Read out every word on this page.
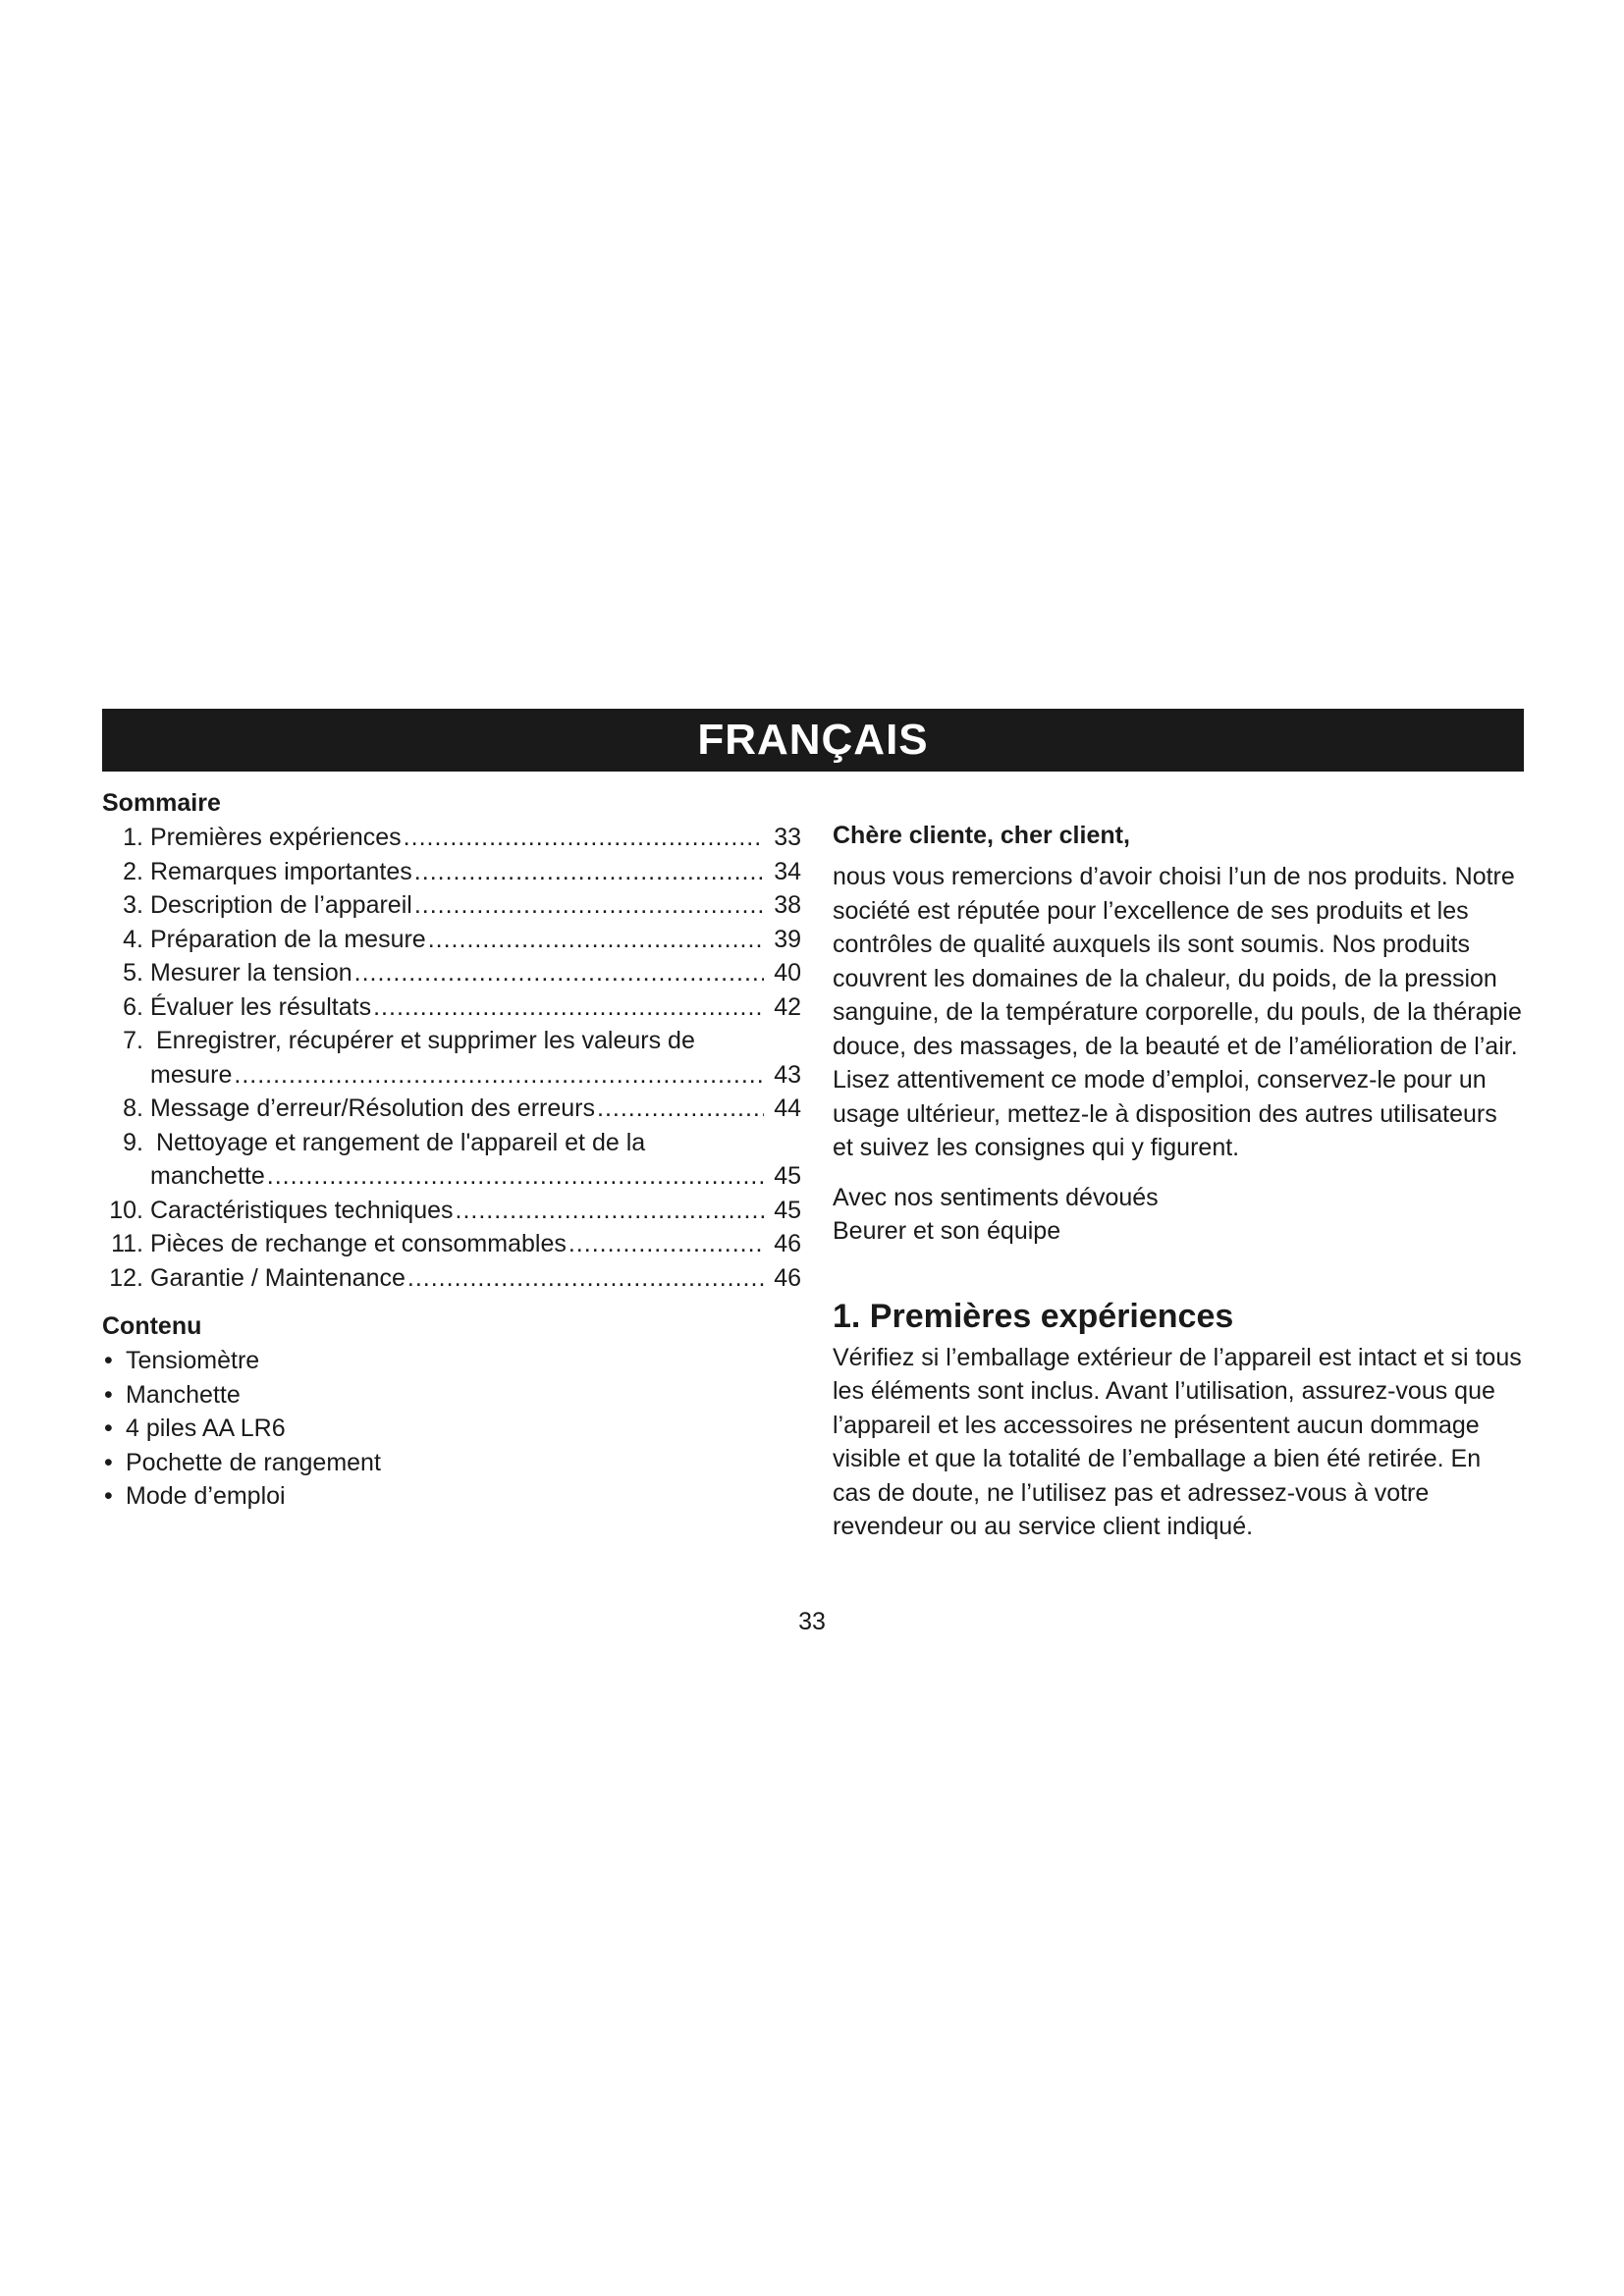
FRANÇAIS
Sommaire
1. Premières expériences .....	33
2. Remarques importantes .....	34
3. Description de l’appareil .....	38
4. Préparation de la mesure .....	39
5. Mesurer la tension .....	40
6. Évaluer les résultats .....	42
7. Enregistrer, récupérer et supprimer les valeurs de
mesure .....	43
8. Message d’erreur/Résolution des erreurs .....	44
9. Nettoyage et rangement de l'appareil et de la
manchette .....	45
10. Caractéristiques techniques .....	45
11. Pièces de rechange et consommables .....	46
12. Garantie / Maintenance .....	46
Contenu
• Tensiomètre
• Manchette
• 4 piles AA LR6
• Pochette de rangement
• Mode d’emploi
Chère cliente, cher client,

nous vous remercions d’avoir choisi l’un de nos produits. Notre société est réputée pour l’excellence de ses produits et les contrôles de qualité auxquels ils sont soumis. Nos produits couvrent les domaines de la chaleur, du poids, de la pression sanguine, de la température corporelle, du pouls, de la thérapie douce, des massages, de la beauté et de l’amélioration de l’air. Lisez attentivement ce mode d’emploi, conservez-le pour un usage ultérieur, mettez-le à disposition des autres utilisateurs et suivez les consignes qui y figurent.

Avec nos sentiments dévoués

Beurer et son équipe

1. Premières expériences

Vérifiez si l’emballage extérieur de l’appareil est intact et si tous les éléments sont inclus. Avant l’utilisation, assurez-vous que l’appareil et les accessoires ne présentent aucun dommage visible et que la totalité de l’emballage a bien été retirée. En cas de doute, ne l’utilisez pas et adressez-vous à votre revendeur ou au service client indiqué.

33
